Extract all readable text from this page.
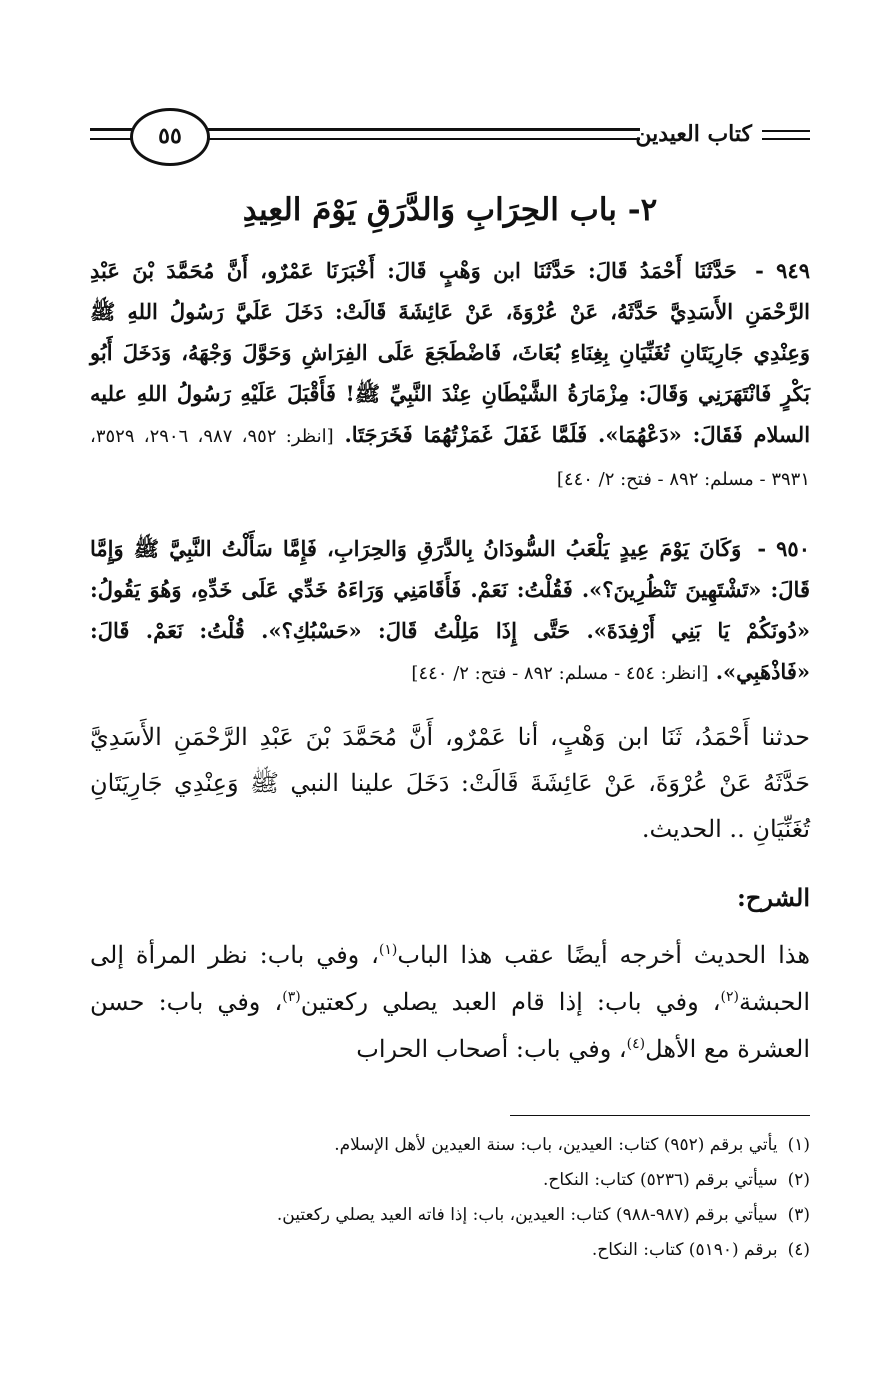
كتاب العيدين
٥٥
٢- باب الحِرَابِ وَالدَّرَقِ يَوْمَ العِيدِ

٩٤٩ - حَدَّثَنَا أَحْمَدُ قَالَ: حَدَّثَنَا ابن وَهْبٍ قَالَ: أَخْبَرَنَا عَمْرٌو، أَنَّ مُحَمَّدَ بْنَ عَبْدِ الرَّحْمَنِ الأَسَدِيَّ حَدَّثَهُ، عَنْ عُرْوَةَ، عَنْ عَائِشَةَ قَالَتْ: دَخَلَ عَلَيَّ رَسُولُ اللهِ ﷺ وَعِنْدِي جَارِيَتَانِ تُغَنِّيَانِ بِغِنَاءِ بُعَاثَ، فَاضْطَجَعَ عَلَى الفِرَاشِ وَحَوَّلَ وَجْهَهُ، وَدَخَلَ أَبُو بَكْرٍ فَانْتَهَرَنِي وَقَالَ: مِزْمَارَةُ الشَّيْطَانِ عِنْدَ النَّبِيِّ ﷺ! فَأَقْبَلَ عَلَيْهِ رَسُولُ اللهِ عليه السلام فَقَالَ: «دَعْهُمَا». فَلَمَّا غَفَلَ غَمَزْتُهُمَا فَخَرَجَتَا. [انظر: ٩٥٢، ٩٨٧، ٢٩٠٦، ٣٥٢٩، ٣٩٣١ - مسلم: ٨٩٢ - فتح: ٢/ ٤٤٠]

٩٥٠ - وَكَانَ يَوْمَ عِيدٍ يَلْعَبُ السُّودَانُ بِالدَّرَقِ وَالحِرَابِ، فَإِمَّا سَأَلْتُ النَّبِيَّ ﷺ وَإِمَّا قَالَ: «تَشْتَهِينَ تَنْظُرِينَ؟». فَقُلْتُ: نَعَمْ. فَأَقَامَنِي وَرَاءَهُ خَدِّي عَلَى خَدِّهِ، وَهُوَ يَقُولُ: «دُونَكُمْ يَا بَنِي أَرْفِدَةَ». حَتَّى إِذَا مَلِلْتُ قَالَ: «حَسْبُكِ؟». قُلْتُ: نَعَمْ. قَالَ: «فَاذْهَبِي». [انظر: ٤٥٤ - مسلم: ٨٩٢ - فتح: ٢/ ٤٤٠]

حدثنا أَحْمَدُ، ثَنَا ابن وَهْبٍ، أنا عَمْرٌو، أَنَّ مُحَمَّدَ بْنَ عَبْدِ الرَّحْمَنِ الأَسَدِيَّ حَدَّثَهُ عَنْ عُرْوَةَ، عَنْ عَائِشَةَ قَالَتْ: دَخَلَ علينا النبي ﷺ وَعِنْدِي جَارِيَتَانِ تُغَنِّيَانِ .. الحديث.

الشرح:

هذا الحديث أخرجه أيضًا عقب هذا الباب$^{(١)}$، وفي باب: نظر المرأة إلى الحبشة$^{(٢)}$، وفي باب: إذا قام العبد يصلي ركعتين$^{(٣)}$، وفي باب: حسن العشرة مع الأهل$^{(٤)}$، وفي باب: أصحاب الحراب

(١)يأتي برقم (٩٥٢) كتاب: العيدين، باب: سنة العيدين لأهل الإسلام.
(٢)سيأتي برقم (٥٢٣٦) كتاب: النكاح.
(٣)سيأتي برقم (٩٨٧-٩٨٨) كتاب: العيدين، باب: إذا فاته العيد يصلي ركعتين.
(٤)برقم (٥١٩٠) كتاب: النكاح.
